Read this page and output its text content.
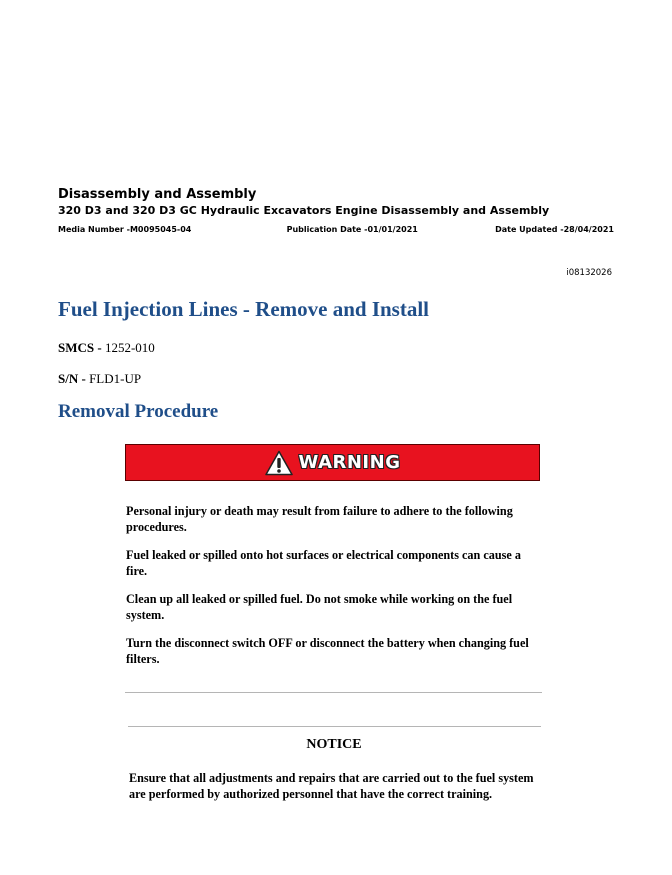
Disassembly and Assembly
320 D3 and 320 D3 GC Hydraulic Excavators Engine Disassembly and Assembly
Media Number -M0095045-04	Publication Date -01/01/2021	Date Updated -28/04/2021
i08132026
Fuel Injection Lines - Remove and Install
SMCS - 1252-010
S/N - FLD1-UP
Removal Procedure
WARNING

Personal injury or death may result from failure to adhere to the following procedures.

Fuel leaked or spilled onto hot surfaces or electrical components can cause a fire.

Clean up all leaked or spilled fuel. Do not smoke while working on the fuel system.

Turn the disconnect switch OFF or disconnect the battery when changing fuel filters.

NOTICE

Ensure that all adjustments and repairs that are carried out to the fuel system are performed by authorized personnel that have the correct training.
